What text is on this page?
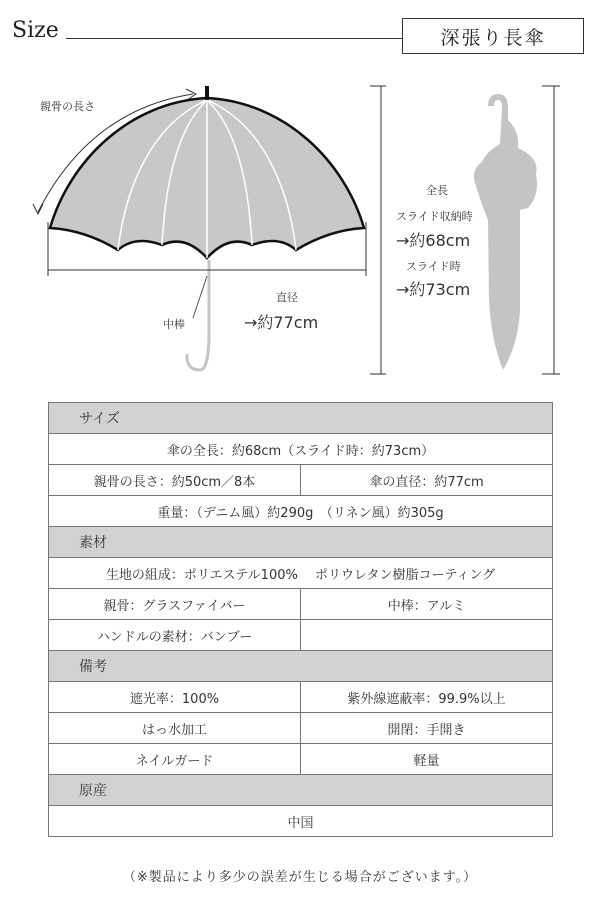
Size	深張り長傘
親骨の長さ
中棒
直径
→約77cm
全長
スライド収納時
→約68cm
スライド時
→約73cm
サイズ	
傘の全長：約68cm（スライド時：約73cm）	
親骨の長さ：約50cm／8本	傘の直径：約77cm
重量：（デニム風）約290g　（リネン風）約305g	
素材	
生地の組成：ポリエステル100%　 ポリウレタン樹脂コーティング	
親骨：グラスファイバー	中棒：アルミ
ハンドルの素材：バンブー	
備考	
遮光率：100%	紫外線遮蔽率：99.9%以上
はっ水加工	開閉：手開き
ネイルガード	軽量
原産	
中国	
（※製品により多少の誤差が生じる場合がございます。）
